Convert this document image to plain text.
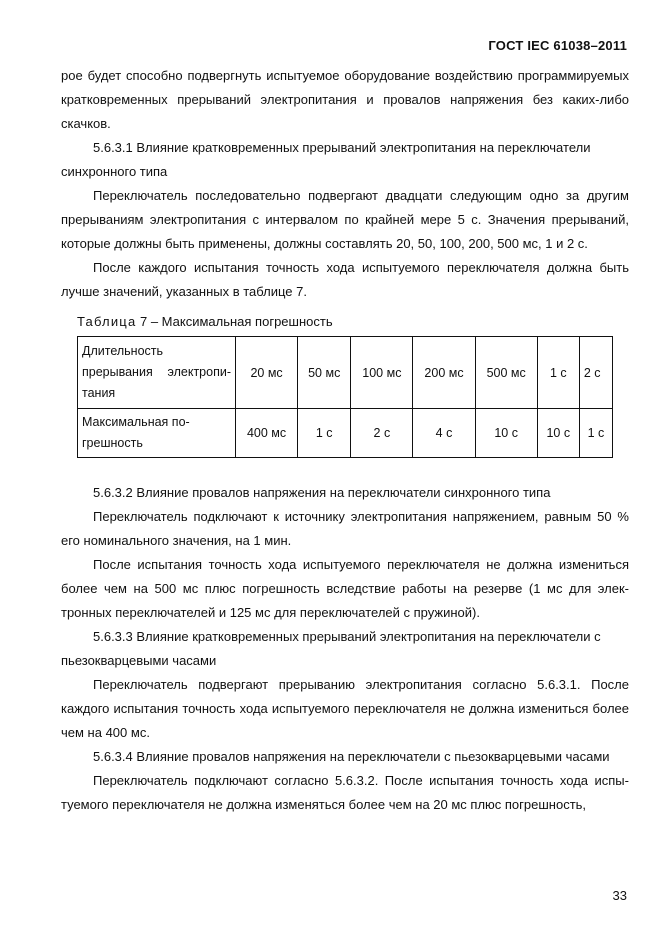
ГОСТ IEC 61038–2011

рое будет способно подвергнуть испытуемое оборудование воздействию программируемых кратковременных прерываний электропитания и провалов напряжения без каких-либо скачков.

5.6.3.1 Влияние кратковременных прерываний электропитания на переключатели синхронного типа

Переключатель последовательно подвергают двадцати следующим одно за другим прерываниям электропитания с интервалом по крайней мере 5 с. Значения прерываний, которые должны быть применены, должны составлять 20, 50, 100, 200, 500 мс, 1 и 2 с.

После каждого испытания точность хода испытуемого переключателя должна быть лучше значений, указанных в таблице 7.

Таблица 7 – Максимальная погрешность
Длительность прерывания электропитания	20 мс	50 мс	100 мс	200 мс	500 мс	1 с	2 с
Максимальная погрешность	400 мс	1 с	2 с	4 с	10 с	10 с	1 с

5.6.3.2 Влияние провалов напряжения на переключатели синхронного типа

Переключатель подключают к источнику электропитания напряжением, равным 50 % его номинального значения, на 1 мин.

После испытания точность хода испытуемого переключателя не должна измениться более чем на 500 мс плюс погрешность вследствие работы на резерве (1 мс для электронных переключателей и 125 мс для переключателей с пружиной).

5.6.3.3 Влияние кратковременных прерываний электропитания на переключатели с пьезокварцевыми часами

Переключатель подвергают прерыванию электропитания согласно 5.6.3.1. После каждого испытания точность хода испытуемого переключателя не должна измениться более чем на 400 мс.

5.6.3.4 Влияние провалов напряжения на переключатели с пьезокварцевыми часами

Переключатель подключают согласно 5.6.3.2. После испытания точность хода испытуемого переключателя не должна изменяться более чем на 20 мс плюс погрешность,

33
